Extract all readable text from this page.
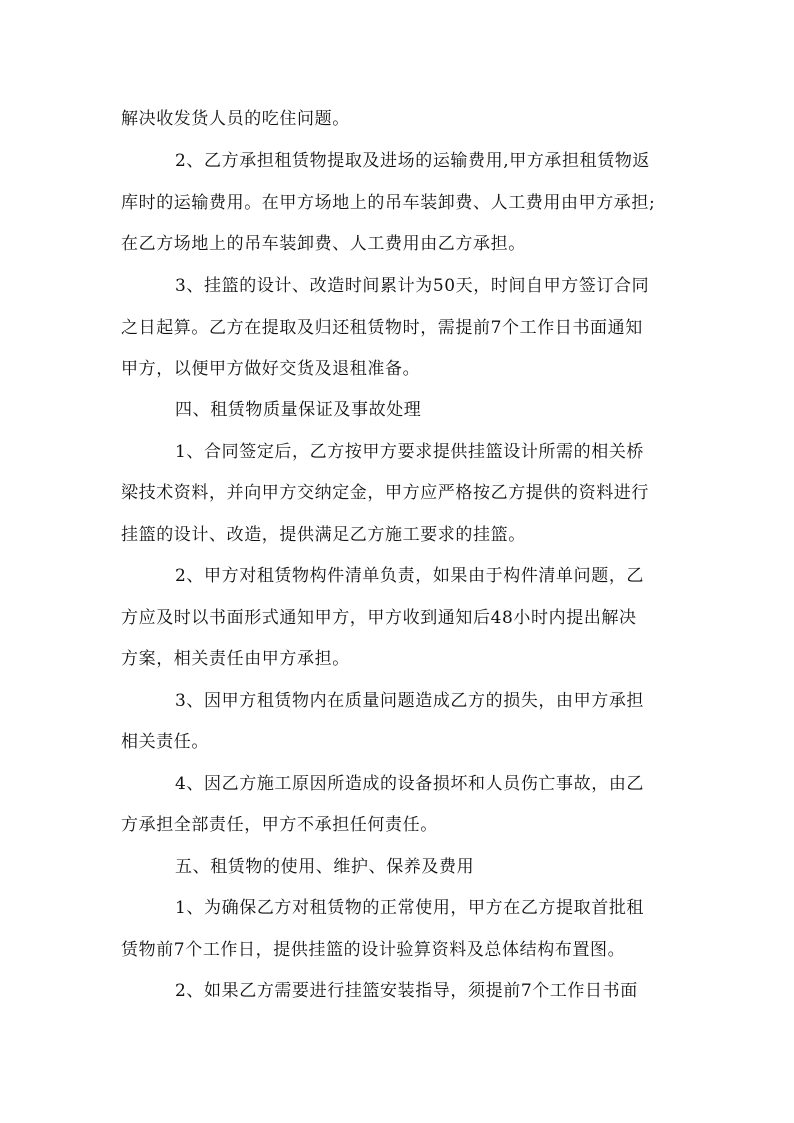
解决收发货人员的吃住问题。
2、乙方承担租赁物提取及进场的运输费用,甲方承担租赁物返
库时的运输费用。在甲方场地上的吊车装卸费、人工费用由甲方承担;
在乙方场地上的吊车装卸费、人工费用由乙方承担。
3、挂篮的设计、改造时间累计为50天，时间自甲方签订合同
之日起算。乙方在提取及归还租赁物时，需提前7个工作日书面通知
甲方，以便甲方做好交货及退租准备。
四、租赁物质量保证及事故处理
1、合同签定后，乙方按甲方要求提供挂篮设计所需的相关桥
梁技术资料，并向甲方交纳定金，甲方应严格按乙方提供的资料进行
挂篮的设计、改造，提供满足乙方施工要求的挂篮。
2、甲方对租赁物构件清单负责，如果由于构件清单问题，乙
方应及时以书面形式通知甲方，甲方收到通知后48小时内提出解决
方案，相关责任由甲方承担。
3、因甲方租赁物内在质量问题造成乙方的损失，由甲方承担
相关责任。
4、因乙方施工原因所造成的设备损坏和人员伤亡事故，由乙
方承担全部责任，甲方不承担任何责任。
五、租赁物的使用、维护、保养及费用
1、为确保乙方对租赁物的正常使用，甲方在乙方提取首批租
赁物前7个工作日，提供挂篮的设计验算资料及总体结构布置图。
2、如果乙方需要进行挂篮安装指导，须提前7个工作日书面
